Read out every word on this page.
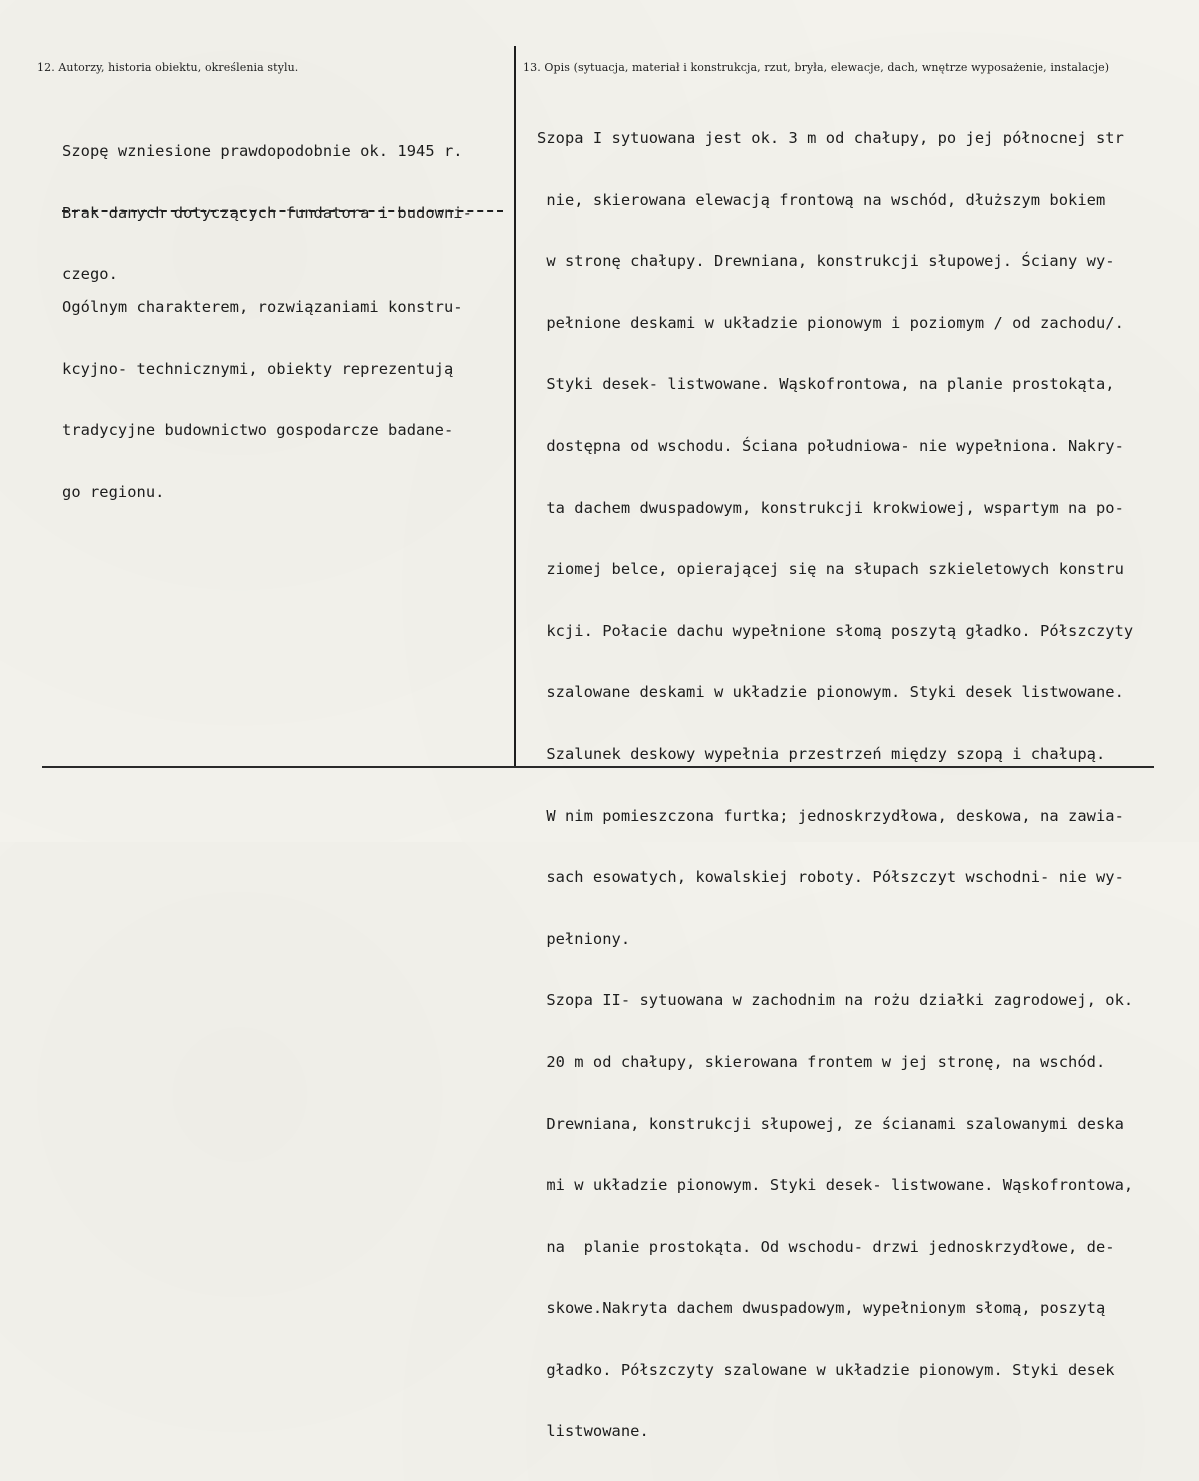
12. Autorzy, historia obiektu, określenia stylu.	13. Opis (sytuacja, materiał i konstrukcja, rzut, bryła, elewacje, dach, wnętrze wyposażenie, instalacje)

Szopę wzniesione prawdopodobnie ok. 1945 r.

Brak danych dotyczących fundatora i budowni-

czego.

Ogólnym charakterem, rozwiązaniami konstru-

kcyjno- technicznymi, obiekty reprezentują

tradycyjne budownictwo gospodarcze badane-

go regionu.

Szopa I sytuowana jest ok. 3 m od chałupy, po jej północnej str

nie, skierowana elewacją frontową na wschód, dłuższym bokiem

w stronę chałupy. Drewniana, konstrukcji słupowej. Ściany wy-

pełnione deskami w układzie pionowym i poziomym / od zachodu/.

Styki desek- listwowane. Wąskofrontowa, na planie prostokąta,

dostępna od wschodu. Ściana południowa- nie wypełniona. Nakry-

ta dachem dwuspadowym, konstrukcji krokwiowej, wspartym na po-

ziomej belce, opierającej się na słupach szkieletowych konstru

kcji. Połacie dachu wypełnione słomą poszytą gładko. Półszczyty

szalowane deskami w układzie pionowym. Styki desek listwowane.

Szalunek deskowy wypełnia przestrzeń między szopą i chałupą.

W nim pomieszczona furtka; jednoskrzydłowa, deskowa, na zawia-

sach esowatych, kowalskiej roboty. Półszczyt wschodni- nie wy-

pełniony.

Szopa II- sytuowana w zachodnim na rożu działki zagrodowej, ok.

20 m od chałupy, skierowana frontem w jej stronę, na wschód.

Drewniana, konstrukcji słupowej, ze ścianami szalowanymi deska

mi w układzie pionowym. Styki desek- listwowane. Wąskofrontowa,

na  planie prostokąta. Od wschodu- drzwi jednoskrzydłowe, de-

skowe.Nakryta dachem dwuspadowym, wypełnionym słomą, poszytą

gładko. Półszczyty szalowane w układzie pionowym. Styki desek

listwowane.
